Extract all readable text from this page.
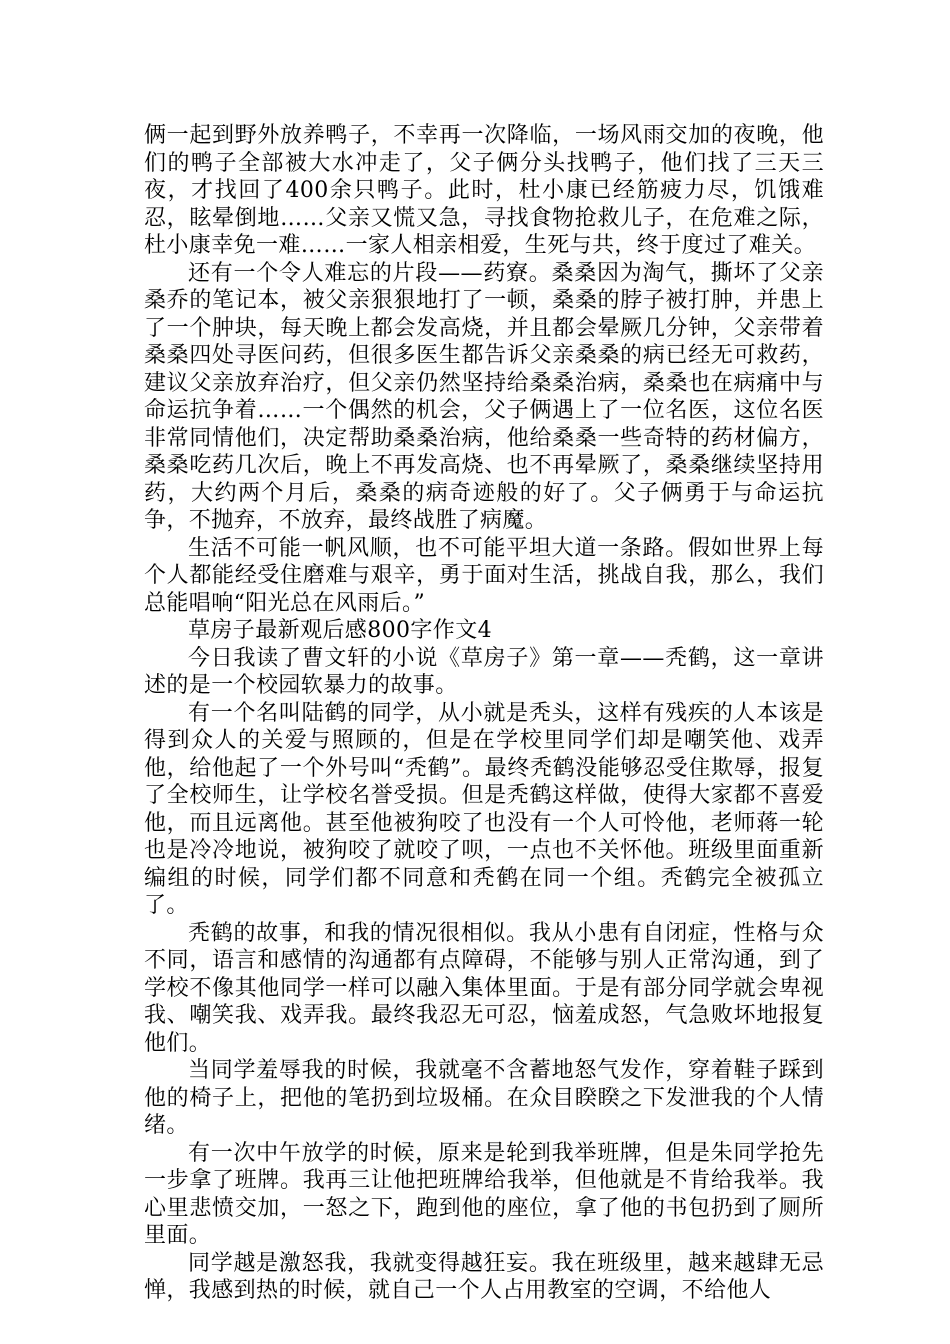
俩一起到野外放养鸭子，不幸再一次降临，一场风雨交加的夜晚，他们的鸭子全部被大水冲走了，父子俩分头找鸭子，他们找了三天三夜，才找回了400余只鸭子。此时，杜小康已经筋疲力尽，饥饿难忍，眩晕倒地……父亲又慌又急，寻找食物抢救儿子，在危难之际，杜小康幸免一难……一家人相亲相爱，生死与共，终于度过了难关。

还有一个令人难忘的片段——药寮。桑桑因为淘气，撕坏了父亲桑乔的笔记本，被父亲狠狠地打了一顿，桑桑的脖子被打肿，并患上了一个肿块，每天晚上都会发高烧，并且都会晕厥几分钟，父亲带着桑桑四处寻医问药，但很多医生都告诉父亲桑桑的病已经无可救药，建议父亲放弃治疗，但父亲仍然坚持给桑桑治病，桑桑也在病痛中与命运抗争着……一个偶然的机会，父子俩遇上了一位名医，这位名医非常同情他们，决定帮助桑桑治病，他给桑桑一些奇特的药材偏方，桑桑吃药几次后，晚上不再发高烧、也不再晕厥了，桑桑继续坚持用药，大约两个月后，桑桑的病奇迹般的好了。父子俩勇于与命运抗争，不抛弃，不放弃，最终战胜了病魔。

生活不可能一帆风顺，也不可能平坦大道一条路。假如世界上每个人都能经受住磨难与艰辛，勇于面对生活，挑战自我，那么，我们总能唱响“阳光总在风雨后。”

草房子最新观后感800字作文4

今日我读了曹文轩的小说《草房子》第一章——秃鹤，这一章讲述的是一个校园软暴力的故事。

有一个名叫陆鹤的同学，从小就是秃头，这样有残疾的人本该是得到众人的关爱与照顾的，但是在学校里同学们却是嘲笑他、戏弄他，给他起了一个外号叫“秃鹤”。最终秃鹤没能够忍受住欺辱，报复了全校师生，让学校名誉受损。但是秃鹤这样做，使得大家都不喜爱他，而且远离他。甚至他被狗咬了也没有一个人可怜他，老师蒋一轮也是冷冷地说，被狗咬了就咬了呗，一点也不关怀他。班级里面重新编组的时候，同学们都不同意和秃鹤在同一个组。秃鹤完全被孤立了。

秃鹤的故事，和我的情况很相似。我从小患有自闭症，性格与众不同，语言和感情的沟通都有点障碍，不能够与别人正常沟通，到了学校不像其他同学一样可以融入集体里面。于是有部分同学就会卑视我、嘲笑我、戏弄我。最终我忍无可忍，恼羞成怒，气急败坏地报复他们。

当同学羞辱我的时候，我就毫不含蓄地怒气发作，穿着鞋子踩到他的椅子上，把他的笔扔到垃圾桶。在众目睽睽之下发泄我的个人情绪。

有一次中午放学的时候，原来是轮到我举班牌，但是朱同学抢先一步拿了班牌。我再三让他把班牌给我举，但他就是不肯给我举。我心里悲愤交加，一怒之下，跑到他的座位，拿了他的书包扔到了厕所里面。

同学越是激怒我，我就变得越狂妄。我在班级里，越来越肆无忌惮，我感到热的时候，就自己一个人占用教室的空调，不给他人
